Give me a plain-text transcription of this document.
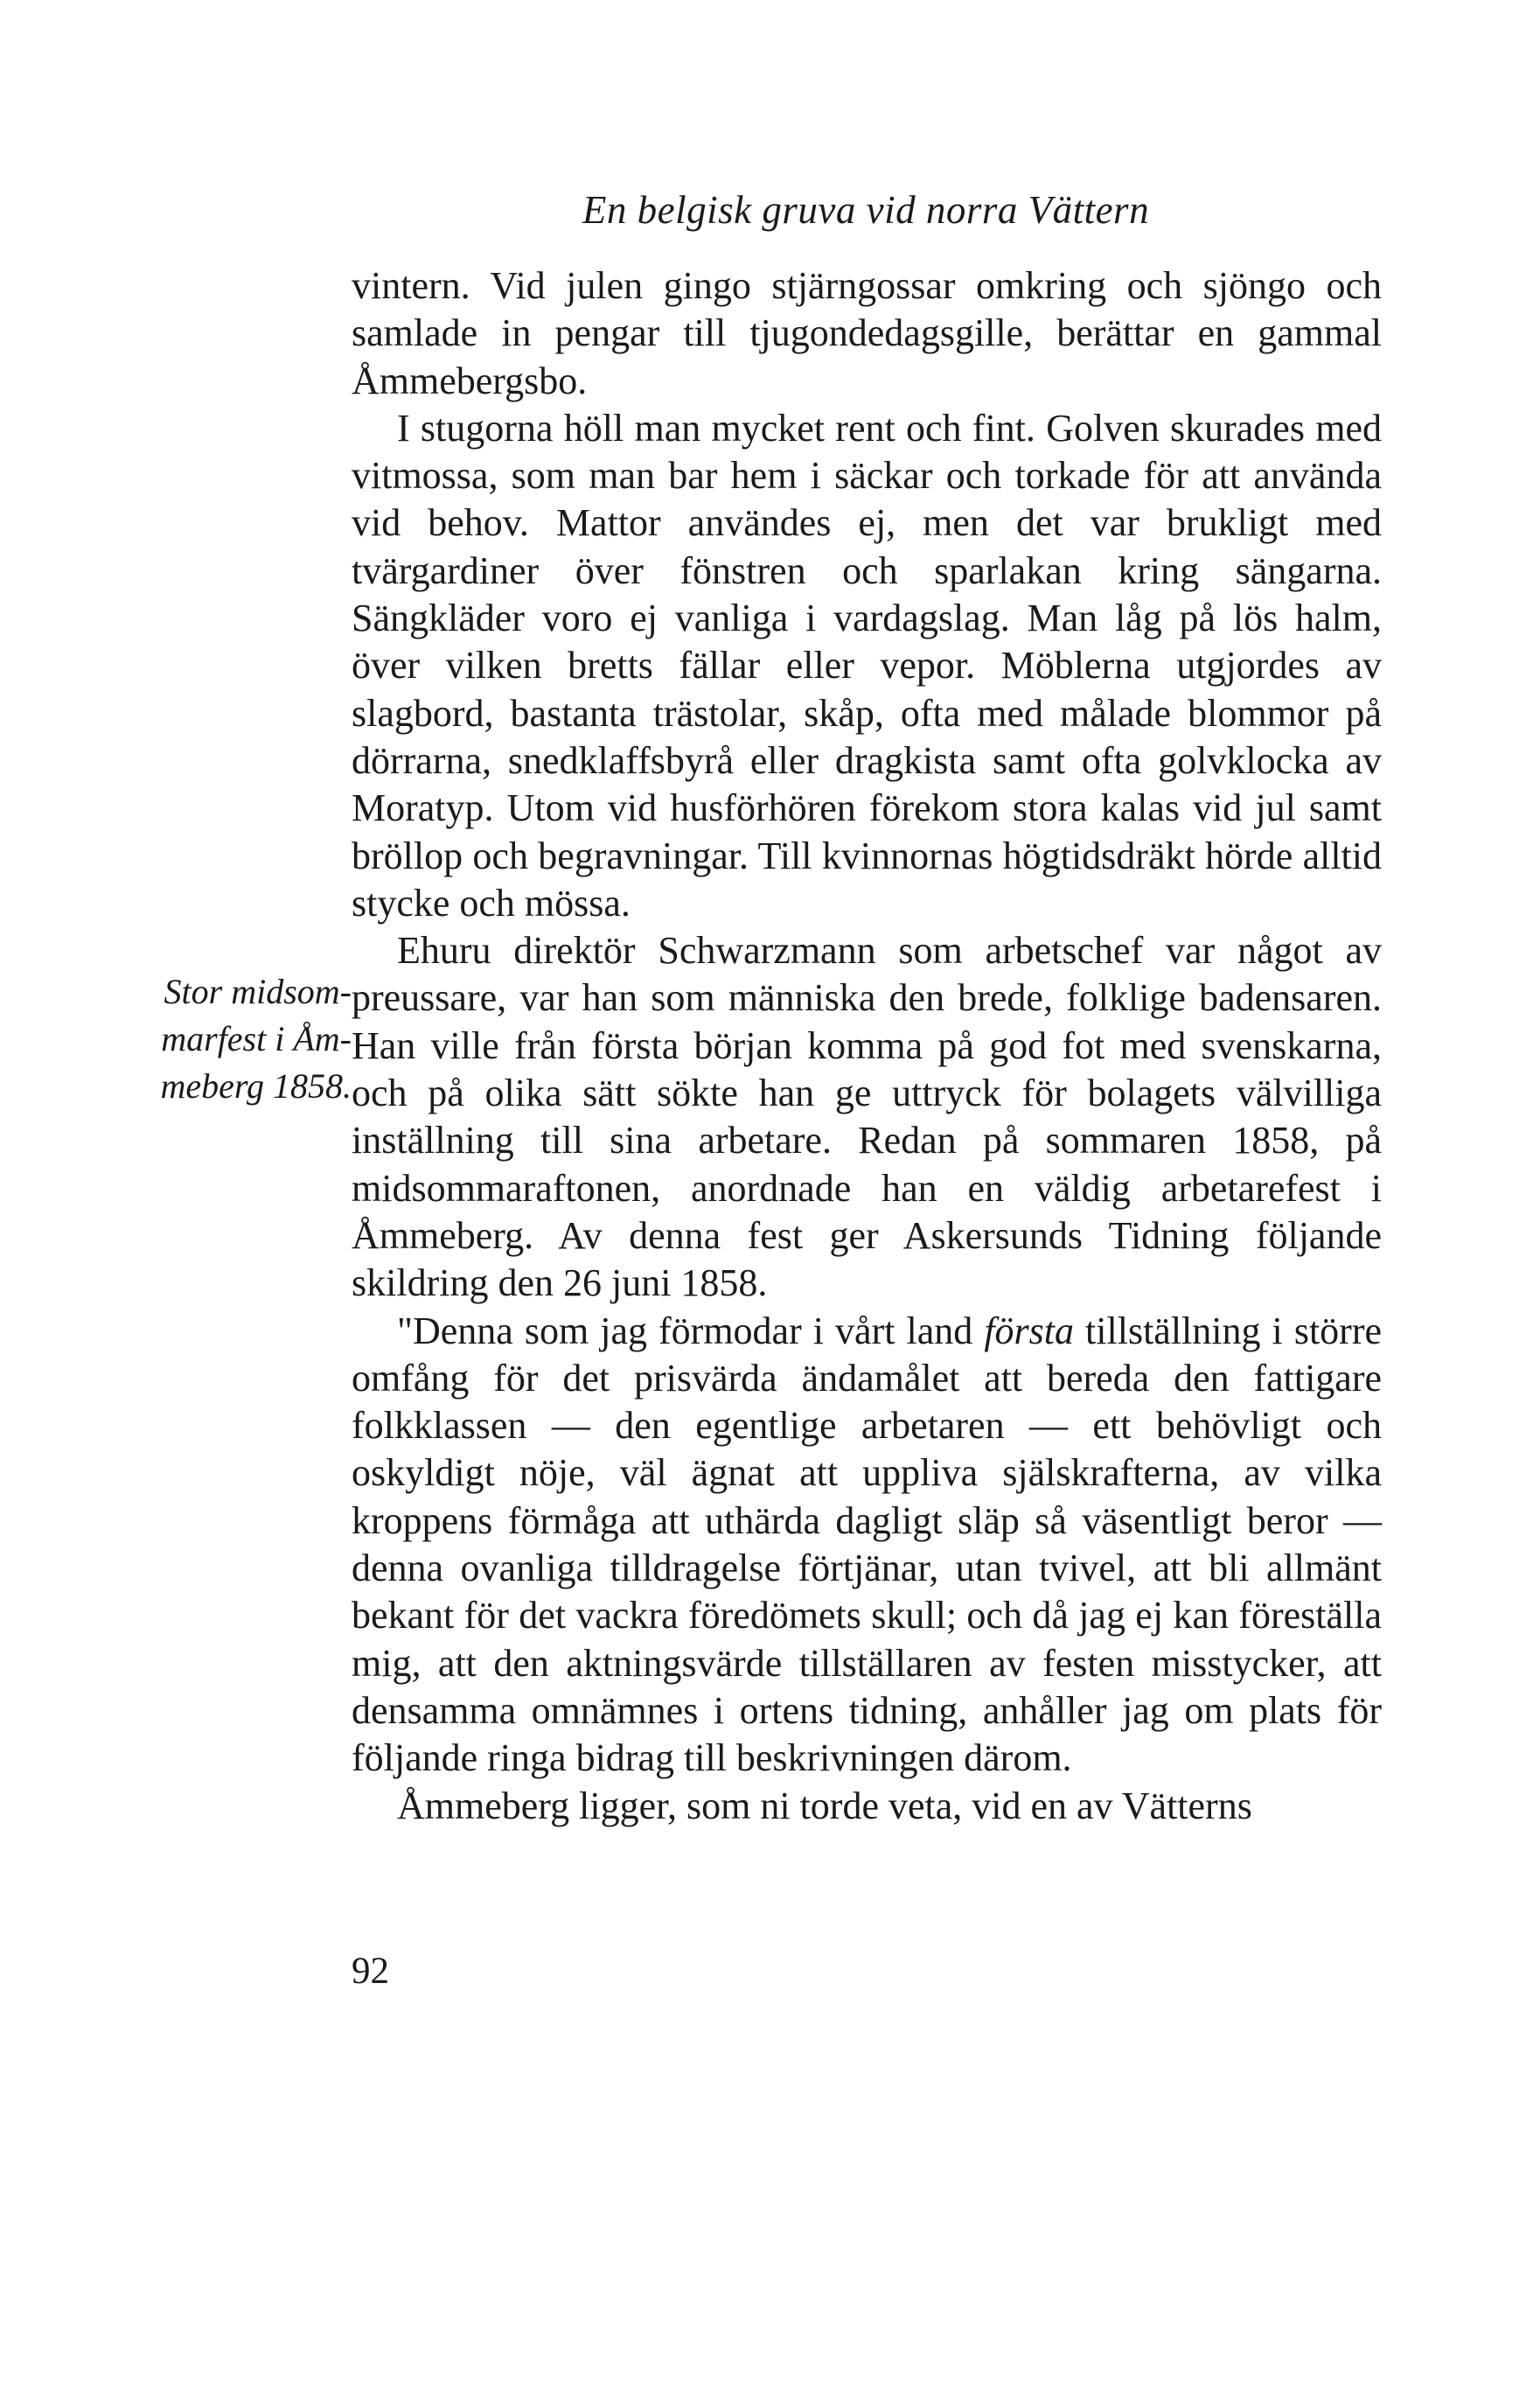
En belgisk gruva vid norra Vättern
Stor midsom-
marfest i Åm-
meberg 1858.

vintern. Vid julen gingo stjärngossar omkring och sjöngo och samlade in pengar till tjugondedagsgille, berättar en gammal Åmmebergsbo.

I stugorna höll man mycket rent och fint. Golven skurades med vitmossa, som man bar hem i säckar och torkade för att använda vid behov. Mattor användes ej, men det var brukligt med tvärgardiner över fönstren och sparlakan kring sängarna. Sängkläder voro ej vanliga i vardagslag. Man låg på lös halm, över vilken bretts fällar eller vepor. Möblerna utgjordes av slagbord, bastanta trästolar, skåp, ofta med målade blommor på dörrarna, snedklaffsbyrå eller dragkista samt ofta golvklocka av Moratyp. Utom vid husförhören förekom stora kalas vid jul samt bröllop och begravningar. Till kvinnornas högtidsdräkt hörde alltid stycke och mössa.

Ehuru direktör Schwarzmann som arbetschef var något av preussare, var han som människa den brede, folklige badensaren. Han ville från första början komma på god fot med svenskarna, och på olika sätt sökte han ge uttryck för bolagets välvilliga inställning till sina arbetare. Redan på sommaren 1858, på midsommaraftonen, anordnade han en väldig arbetarefest i Åmmeberg. Av denna fest ger Askersunds Tidning följande skildring den 26 juni 1858.

"Denna som jag förmodar i vårt land första tillställning i större omfång för det prisvärda ändamålet att bereda den fattigare folkklassen — den egentlige arbetaren — ett behövligt och oskyldigt nöje, väl ägnat att uppliva själskrafterna, av vilka kroppens förmåga att uthärda dagligt släp så väsentligt beror — denna ovanliga tilldragelse förtjänar, utan tvivel, att bli allmänt bekant för det vackra föredömets skull; och då jag ej kan föreställa mig, att den aktningsvärde tillställaren av festen misstycker, att densamma omnämnes i ortens tidning, anhåller jag om plats för följande ringa bidrag till beskrivningen därom.

Åmmeberg ligger, som ni torde veta, vid en av Vätterns

92
